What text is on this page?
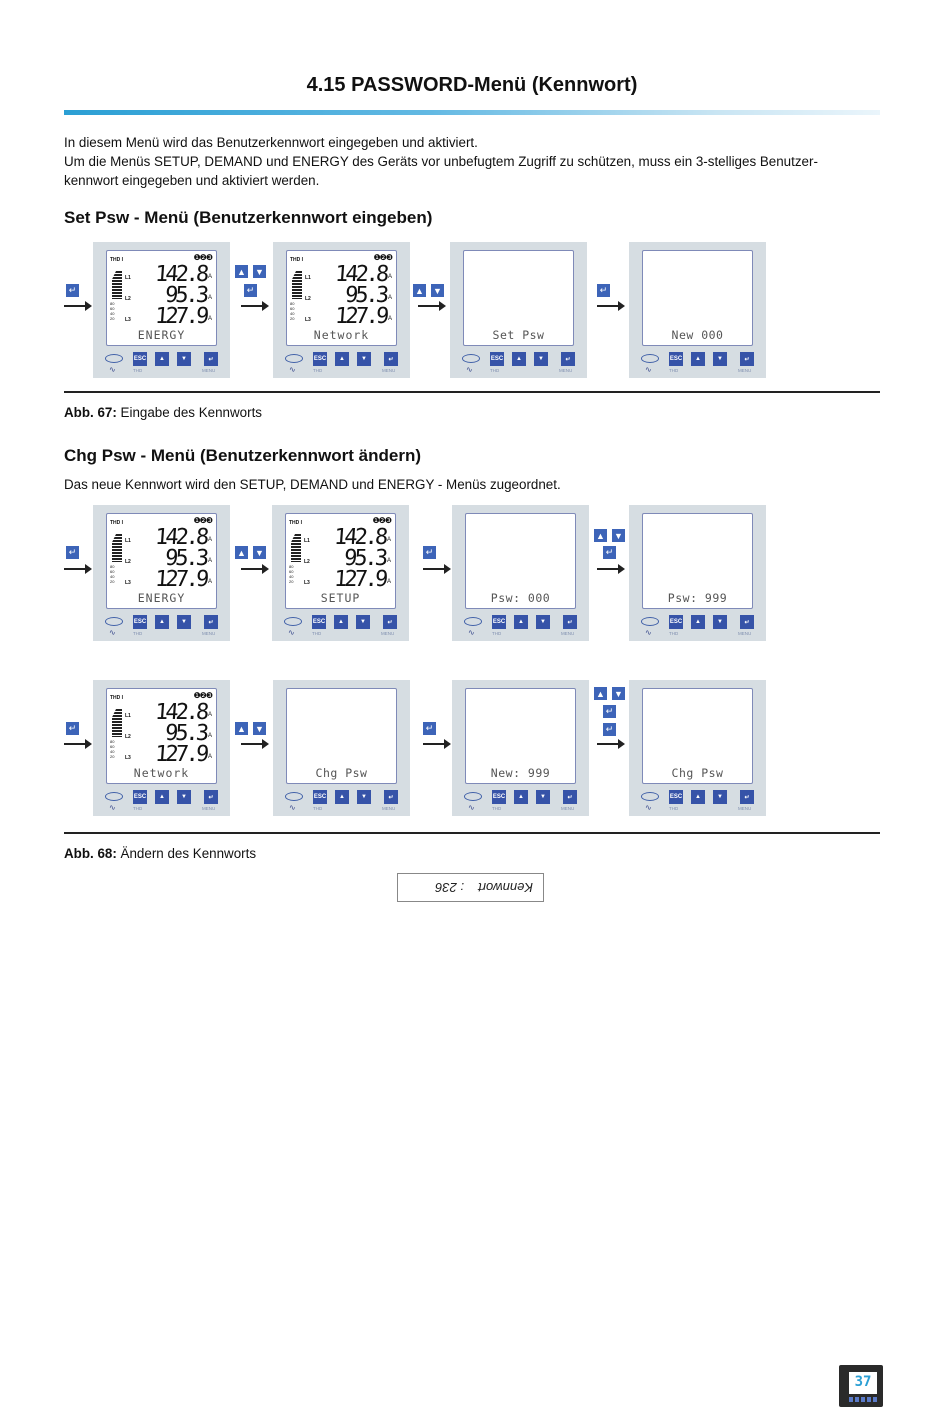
4.15 PASSWORD-Menü (Kennwort)
In diesem Menü wird das Benutzerkennwort eingegeben und aktiviert.
Um die Menüs SETUP, DEMAND und ENERGY des Geräts vor unbefugtem Zugriff zu schützen, muss ein 3-stelliges Benutzer-
kennwort eingegeben und aktiviert werden.
Set Psw - Menü (Benutzerkennwort eingeben)
Abb. 67: Eingabe des Kennworts
Chg Psw - Menü (Benutzerkennwort ändern)
Das neue Kennwort wird den SETUP, DEMAND und ENERGY - Menüs zugeordnet.
Abb. 68: Ändern des Kennworts
Kennwort
: 236
37
❶❷❸
THD I
80
60
40
20
L1 142.8 A
L2 95.3 A
L3 127.9 A
ENERGY
∿
ESC	▲	▼	↵
THD	MENU
❶❷❸
THD I
80
60
40
20
L1 142.8 A
L2 95.3 A
L3 127.9 A
Network
∿
ESC	▲	▼	↵
THD	MENU
Set Psw
∿
ESC	▲	▼	↵
THD	MENU
New 000
∿
ESC	▲	▼	↵
THD	MENU
↵
▲ ▼
↵	▲ ▼	↵
❶❷❸
THD I
80
60
40
20
L1 142.8 A
L2 95.3 A
L3 127.9 A
ENERGY
∿
ESC	▲	▼	↵
THD	MENU
❶❷❸
THD I
80
60
40
20
L1 142.8 A
L2 95.3 A
L3 127.9 A
SETUP
∿
ESC	▲	▼	↵
THD	MENU
Psw: 000
∿
ESC	▲	▼	↵
THD	MENU
Psw: 999
∿
ESC	▲	▼	↵
THD	MENU
↵	▲ ▼	↵
▲ ▼
↵
❶❷❸
THD I
80
60
40
20
L1 142.8 A
L2 95.3 A
L3 127.9 A
Network
∿
ESC	▲	▼	↵
THD	MENU
Chg Psw
∿
ESC	▲	▼	↵
THD	MENU
New: 999
∿
ESC	▲	▼	↵
THD	MENU
Chg Psw
∿
ESC	▲	▼	↵
THD	MENU
↵	▲ ▼	↵
▲ ▼
↵
↵
